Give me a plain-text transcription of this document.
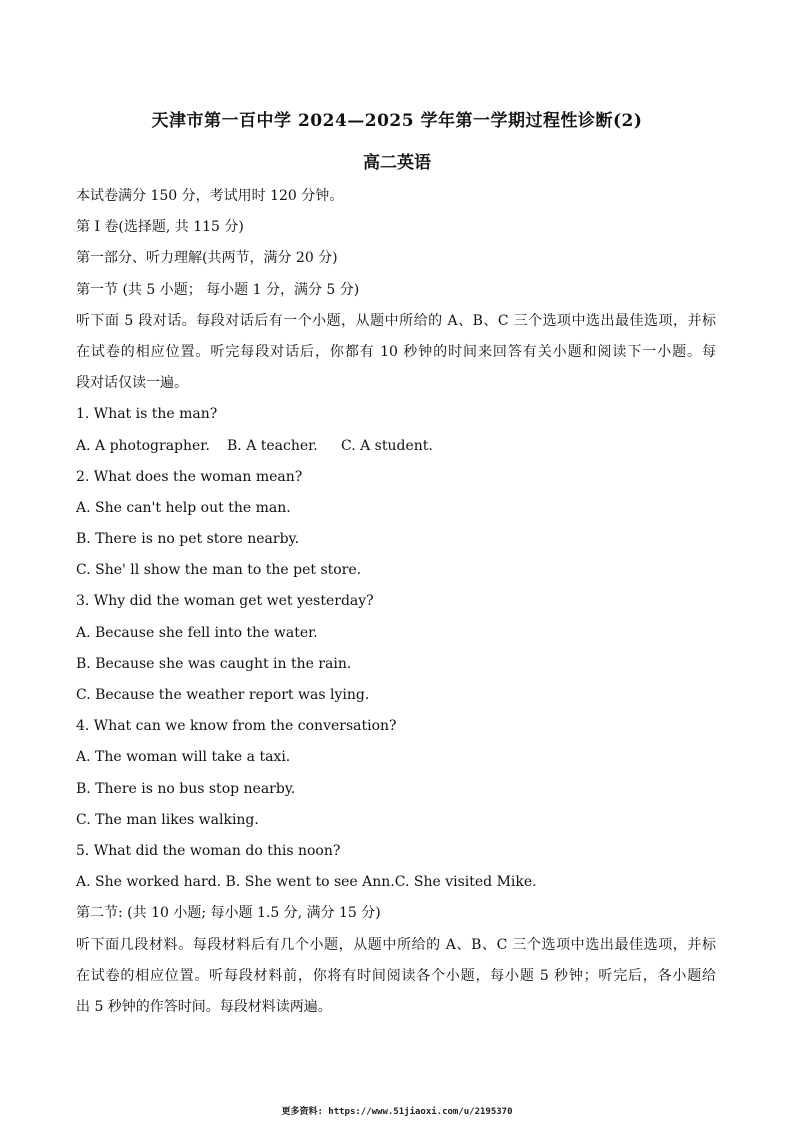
天津市第一百中学 2024—2025 学年第一学期过程性诊断(2)
高二英语
本试卷满分 150 分，考试用时 120 分钟。
第 I 卷(选择题, 共 115 分)
第一部分、听力理解(共两节，满分 20 分)
第一节 (共 5 小题； 每小题 1 分，满分 5 分)
听下面 5 段对话。每段对话后有一个小题，从题中所给的 A、B、C 三个选项中选出最佳选项，并标
在试卷的相应位置。听完每段对话后，你都有 10 秒钟的时间来回答有关小题和阅读下一小题。每
段对话仅读一遍。
1. What is the man?
A. A photographer. B. A teacher. C. A student.
2. What does the woman mean?
A. She can't help out the man.
B. There is no pet store nearby.
C. She' ll show the man to the pet store.
3. Why did the woman get wet yesterday?
A. Because she fell into the water.
B. Because she was caught in the rain.
C. Because the weather report was lying.
4. What can we know from the conversation?
A. The woman will take a taxi.
B. There is no bus stop nearby.
C. The man likes walking.
5. What did the woman do this noon?
A. She worked hard. B. She went to see Ann.C. She visited Mike.
第二节: (共 10 小题; 每小题 1.5 分, 满分 15 分)
听下面几段材料。每段材料后有几个小题，从题中所给的 A、B、C 三个选项中选出最佳选项，并标
在试卷的相应位置。听每段材料前，你将有时间阅读各个小题，每小题 5 秒钟；听完后，各小题给
出 5 秒钟的作答时间。每段材料读两遍。
更多资料: https://www.51jiaoxi.com/u/2195370
